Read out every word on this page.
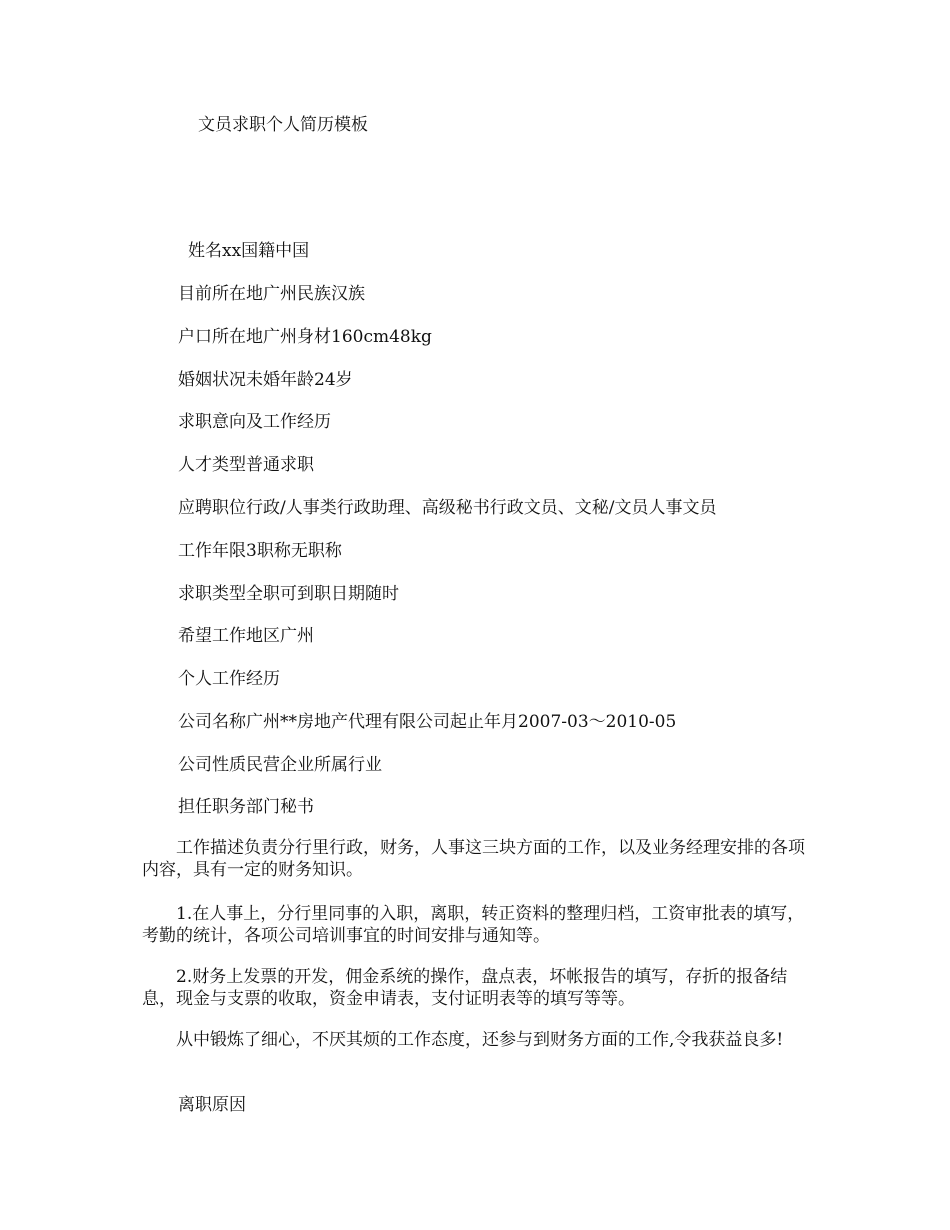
文员求职个人简历模板
姓名xx国籍中国
目前所在地广州民族汉族
户口所在地广州身材160cm48kg
婚姻状况未婚年龄24岁
求职意向及工作经历
人才类型普通求职
应聘职位行政/人事类行政助理、高级秘书行政文员、文秘/文员人事文员
工作年限3职称无职称
求职类型全职可到职日期随时
希望工作地区广州
个人工作经历
公司名称广州**房地产代理有限公司起止年月2007-03～2010-05
公司性质民营企业所属行业
担任职务部门秘书
工作描述负责分行里行政，财务，人事这三块方面的工作，以及业务经理安排的各项内容，具有一定的财务知识。
1.在人事上，分行里同事的入职，离职，转正资料的整理归档，工资审批表的填写，考勤的统计，各项公司培训事宜的时间安排与通知等。
2.财务上发票的开发，佣金系统的操作，盘点表，坏帐报告的填写，存折的报备结息，现金与支票的收取，资金申请表，支付证明表等的填写等等。
从中锻炼了细心，不厌其烦的工作态度，还参与到财务方面的工作,令我获益良多!
离职原因
